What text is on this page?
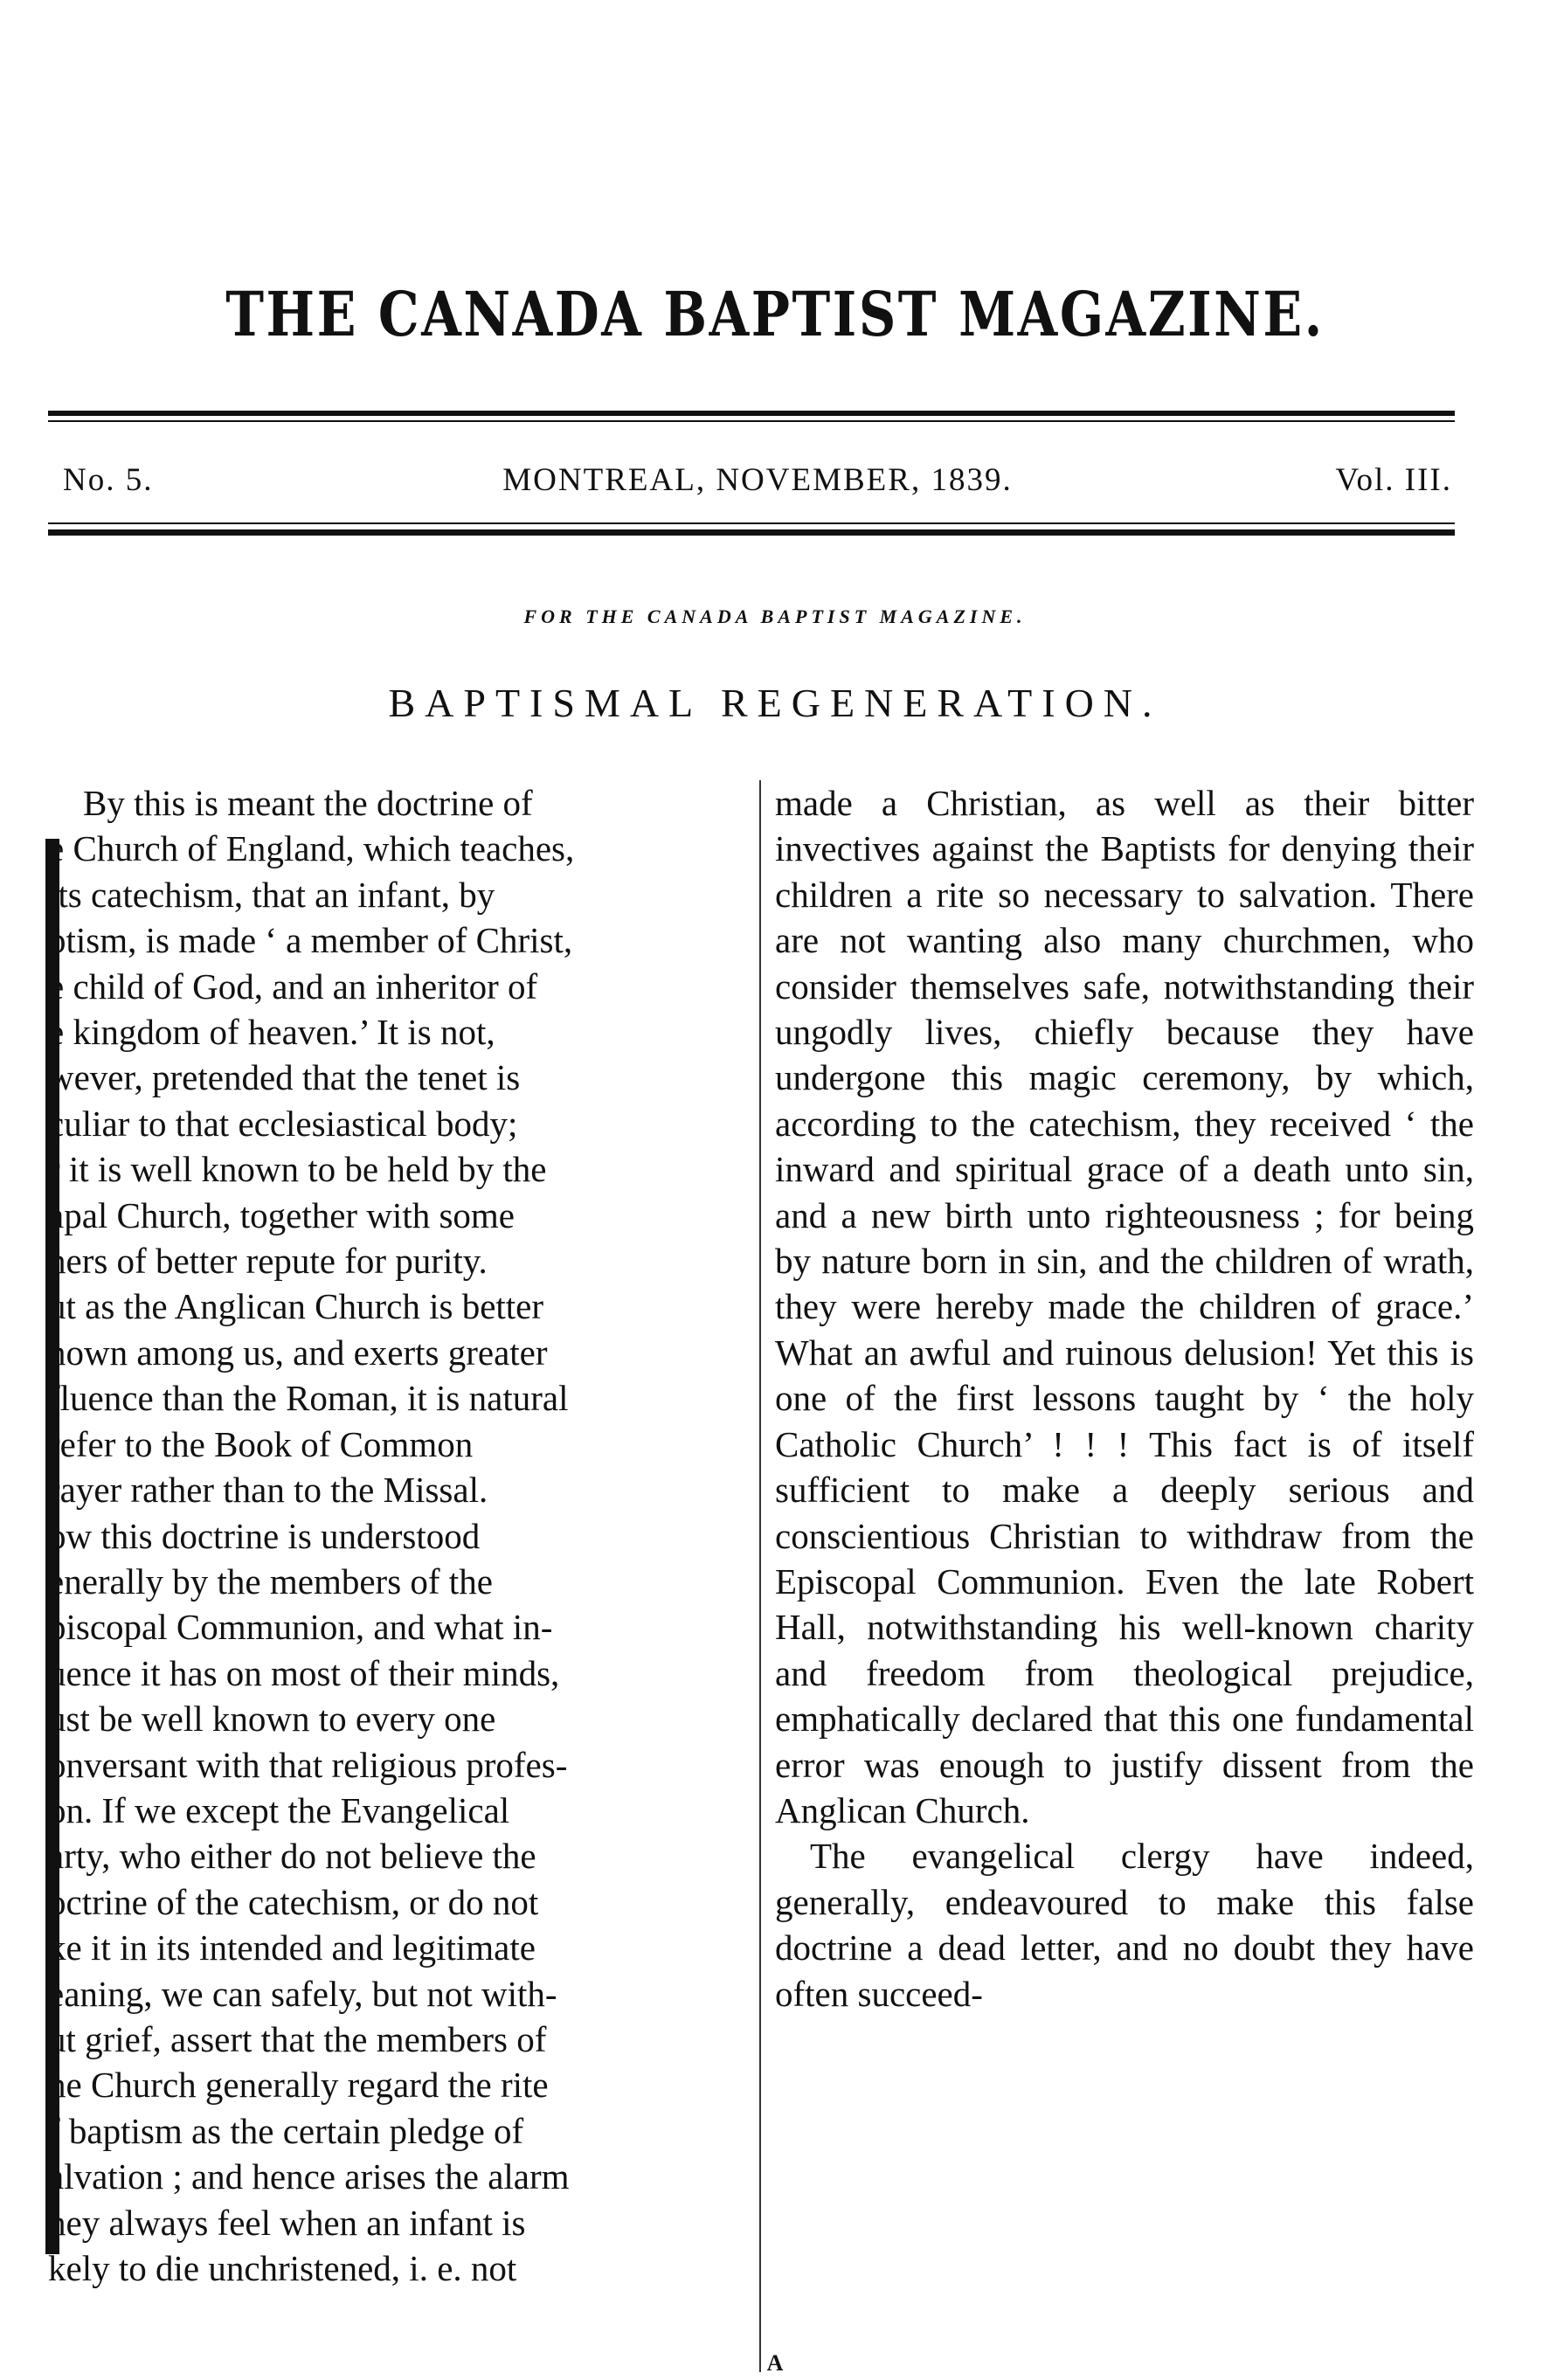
THE CANADA BAPTIST MAGAZINE.
No. 5.	MONTREAL, NOVEMBER, 1839.	Vol. III.
FOR THE CANADA BAPTIST MAGAZINE.
BAPTISMAL REGENERATION.
By this is meant the doctrine of
e Church of England, which teaches,
its catechism, that an infant, by
ptism, is made ‘ a member of Christ,
e child of God, and an inheritor of
e kingdom of heaven.’ It is not,
wever, pretended that the tenet is
culiar to that ecclesiastical body;
r it is well known to be held by the
apal Church, together with some
hers of better repute for purity.
ut as the Anglican Church is better
nown among us, and exerts greater
fluence than the Roman, it is natural
refer to the Book of Common
rayer rather than to the Missal.
ow this doctrine is understood
enerally by the members of the
piscopal Communion, and what in-
uence it has on most of their minds,
ust be well known to every one
onversant with that religious profes-
on. If we except the Evangelical
arty, who either do not believe the
octrine of the catechism, or do not
ke it in its intended and legitimate
eaning, we can safely, but not with-
ut grief, assert that the members of
he Church generally regard the rite
f baptism as the certain pledge of
alvation ; and hence arises the alarm
hey always feel when an infant is
kely to die unchristened, i. e. not

made a Christian, as well as their bitter invectives against the Baptists for denying their children a rite so necessary to salvation. There are not wanting also many churchmen, who consider themselves safe, notwithstanding their ungodly lives, chiefly because they have undergone this magic ceremony, by which, according to the catechism, they received ‘ the inward and spiritual grace of a death unto sin, and a new birth unto righteousness ; for being by nature born in sin, and the children of wrath, they were hereby made the children of grace.’ What an awful and ruinous delusion! Yet this is one of the first lessons taught by ‘ the holy Catholic Church’ ! ! ! This fact is of itself sufficient to make a deeply serious and conscientious Christian to withdraw from the Episcopal Communion. Even the late Robert Hall, notwithstanding his well-known charity and freedom from theological prejudice, emphatically declared that this one fundamental error was enough to justify dissent from the Anglican Church.

The evangelical clergy have indeed, generally, endeavoured to make this false doctrine a dead letter, and no doubt they have often succeed-

A
